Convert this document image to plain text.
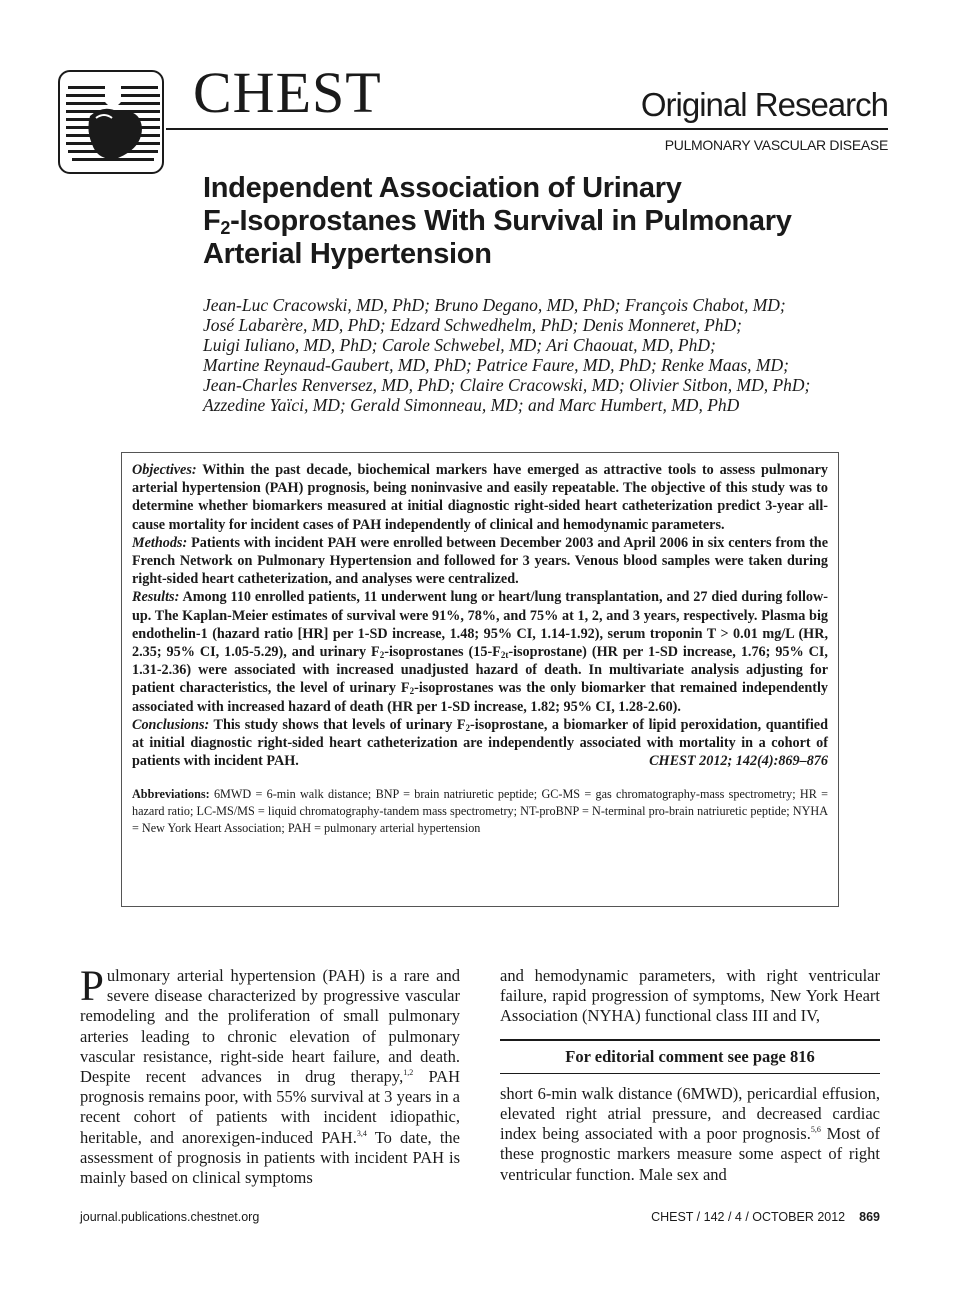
CHEST	Original Research
PULMONARY VASCULAR DISEASE
Independent Association of Urinary
$F_2$-Isoprostanes With Survival in Pulmonary
Arterial Hypertension
Jean-Luc Cracowski, MD, PhD; Bruno Degano, MD, PhD; François Chabot, MD;
José Labarère, MD, PhD; Edzard Schwedhelm, PhD; Denis Monneret, PhD;
Luigi Iuliano, MD, PhD; Carole Schwebel, MD; Ari Chaouat, MD, PhD;
Martine Reynaud-Gaubert, MD, PhD; Patrice Faure, MD, PhD; Renke Maas, MD;
Jean-Charles Renversez, MD, PhD; Claire Cracowski, MD; Olivier Sitbon, MD, PhD;
Azzedine Yaïci, MD; Gerald Simonneau, MD; and Marc Humbert, MD, PhD

Objectives: Within the past decade, biochemical markers have emerged as attractive tools to assess pulmonary arterial hypertension (PAH) prognosis, being noninvasive and easily repeatable. The objective of this study was to determine whether biomarkers measured at initial diagnostic right-sided heart catheterization predict 3-year all-cause mortality for incident cases of PAH independently of clinical and hemodynamic parameters.

Methods: Patients with incident PAH were enrolled between December 2003 and April 2006 in six centers from the French Network on Pulmonary Hypertension and followed for 3 years. Venous blood samples were taken during right-sided heart catheterization, and analyses were centralized.

Results: Among 110 enrolled patients, 11 underwent lung or heart/lung transplantation, and 27 died during follow-up. The Kaplan-Meier estimates of survival were 91%, 78%, and 75% at 1, 2, and 3 years, respectively. Plasma big endothelin-1 (hazard ratio [HR] per 1-SD increase, 1.48; 95% CI, 1.14-1.92), serum troponin T > 0.01 mg/L (HR, 2.35; 95% CI, 1.05-5.29), and urinary $F_2$-isoprostanes $(15-F_{2t}-isoprostane)$ (HR per 1-SD increase, 1.76; 95% CI, 1.31-2.36) were associated with increased unadjusted hazard of death. In multivariate analysis adjusting for patient characteristics, the level of urinary $F_2$-isoprostanes was the only biomarker that remained independently associated with increased hazard of death (HR per 1-SD increase, 1.82; 95% CI, 1.28-2.60).

Conclusions: This study shows that levels of urinary $F_2$-isoprostane, a biomarker of lipid peroxidation, quantified at initial diagnostic right-sided heart catheterization are independently associated with mortality in a cohort of patients with incident PAH.	CHEST 2012; 142(4):869–876

Abbreviations: 6MWD = 6-min walk distance; BNP = brain natriuretic peptide; GC-MS = gas chromatography-mass spectrometry; HR = hazard ratio; LC-MS/MS = liquid chromatography-tandem mass spectrometry; NT-proBNP = N-terminal pro-brain natriuretic peptide; NYHA = New York Heart Association; PAH = pulmonary arterial hypertension

Pulmonary arterial hypertension (PAH) is a rare and severe disease characterized by progressive vascular remodeling and the proliferation of small pulmonary arteries leading to chronic elevation of pulmonary vascular resistance, right-side heart failure, and death. Despite recent advances in drug therapy,$^{1,2}$ PAH prognosis remains poor, with 55% survival at 3 years in a recent cohort of patients with incident idiopathic, heritable, and anorexigen-induced PAH.$^{3,4}$ To date, the assessment of prognosis in patients with incident PAH is mainly based on clinical symptoms

and hemodynamic parameters, with right ventricular failure, rapid progression of symptoms, New York Heart Association (NYHA) functional class III and IV,

For editorial comment see page 816

short 6-min walk distance (6MWD), pericardial effusion, elevated right atrial pressure, and decreased cardiac index being associated with a poor prognosis.$^{5,6}$ Most of these prognostic markers measure some aspect of right ventricular function. Male sex and

journal.publications.chestnet.org	CHEST / 142 / 4 / OCTOBER 2012 869
